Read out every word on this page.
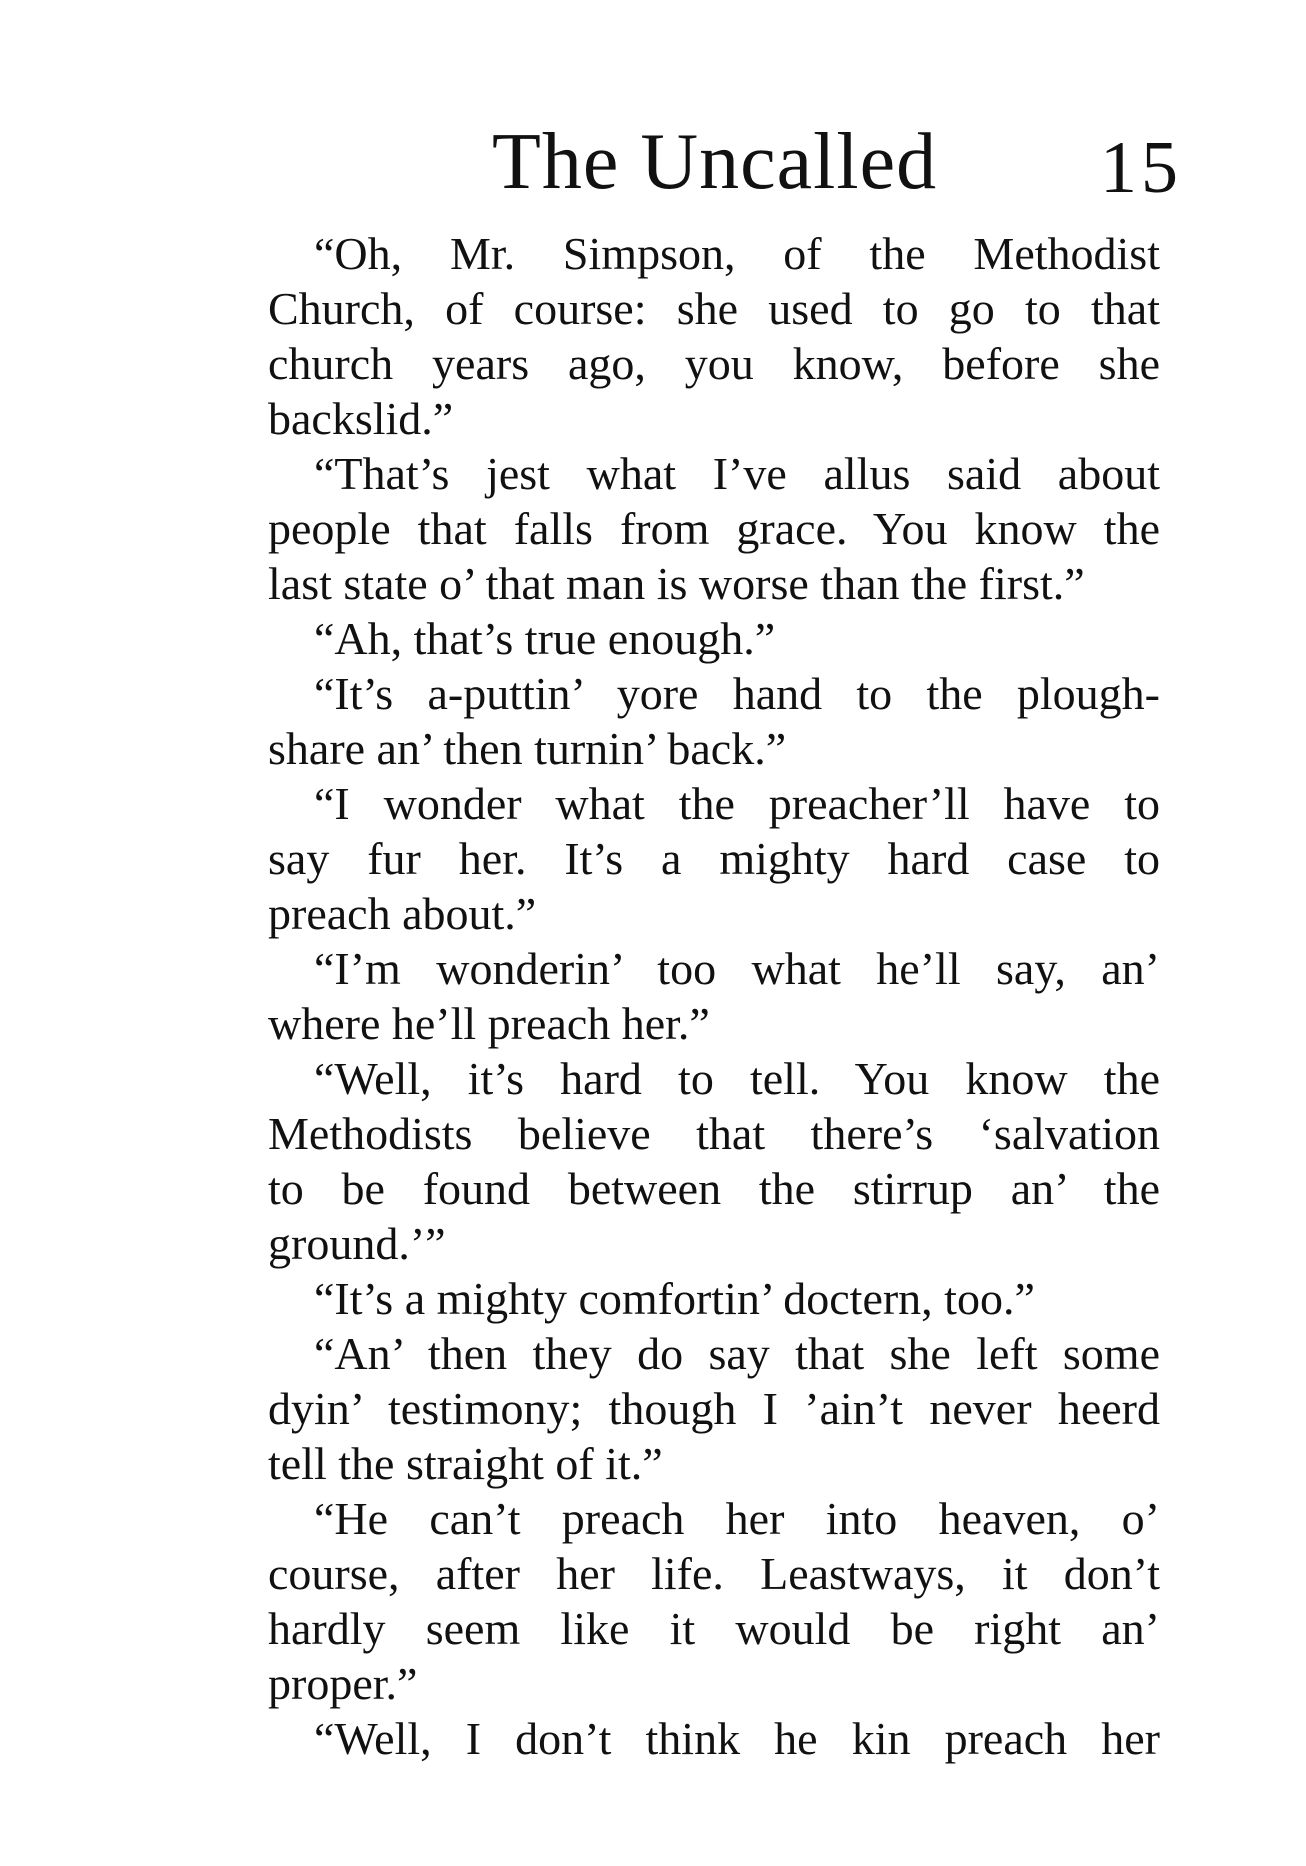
The Uncalled 15
“Oh, Mr. Simpson, of the Methodist
Church, of course: she used to go to that
church years ago, you know, before she
backslid.”
“That’s jest what I’ve allus said about
people that falls from grace. You know the
last state o’ that man is worse than the first.”
“Ah, that’s true enough.”
“It’s a-puttin’ yore hand to the plough-
share an’ then turnin’ back.”
“I wonder what the preacher’ll have to
say fur her. It’s a mighty hard case to
preach about.”
“I’m wonderin’ too what he’ll say, an’
where he’ll preach her.”
“Well, it’s hard to tell. You know the
Methodists believe that there’s ‘salvation
to be found between the stirrup an’ the
ground.’”
“It’s a mighty comfortin’ doctern, too.”
“An’ then they do say that she left some
dyin’ testimony; though I ’ain’t never heerd
tell the straight of it.”
“He can’t preach her into heaven, o’
course, after her life. Leastways, it don’t
hardly seem like it would be right an’
proper.”
“Well, I don’t think he kin preach her
